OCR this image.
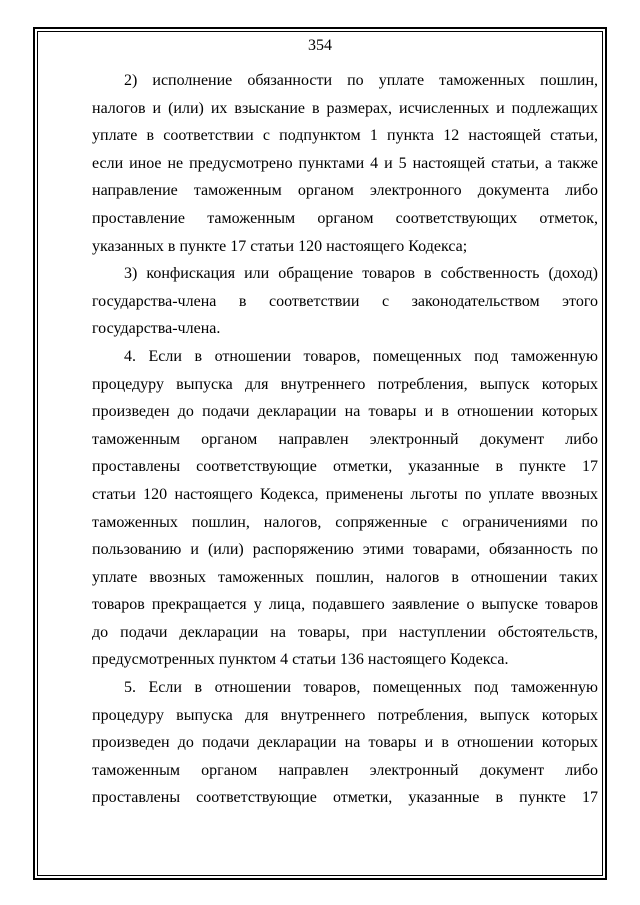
354
2) исполнение обязанности по уплате таможенных пошлин,
налогов и (или) их взыскание в размерах, исчисленных и подлежащих
уплате в соответствии с подпунктом 1 пункта 12 настоящей статьи,
если иное не предусмотрено пунктами 4 и 5 настоящей статьи, а также
направление таможенным органом электронного документа либо
проставление таможенным органом соответствующих отметок,
указанных в пункте 17 статьи 120 настоящего Кодекса;
3) конфискация или обращение товаров в собственность (доход)
государства-члена в соответствии с законодательством этого
государства-члена.
4. Если в отношении товаров, помещенных под таможенную
процедуру выпуска для внутреннего потребления, выпуск которых
произведен до подачи декларации на товары и в отношении которых
таможенным органом направлен электронный документ либо
проставлены соответствующие отметки, указанные в пункте 17
статьи 120 настоящего Кодекса, применены льготы по уплате ввозных
таможенных пошлин, налогов, сопряженные с ограничениями по
пользованию и (или) распоряжению этими товарами, обязанность по
уплате ввозных таможенных пошлин, налогов в отношении таких
товаров прекращается у лица, подавшего заявление о выпуске товаров
до подачи декларации на товары, при наступлении обстоятельств,
предусмотренных пунктом 4 статьи 136 настоящего Кодекса.
5. Если в отношении товаров, помещенных под таможенную
процедуру выпуска для внутреннего потребления, выпуск которых
произведен до подачи декларации на товары и в отношении которых
таможенным органом направлен электронный документ либо
проставлены соответствующие отметки, указанные в пункте 17
